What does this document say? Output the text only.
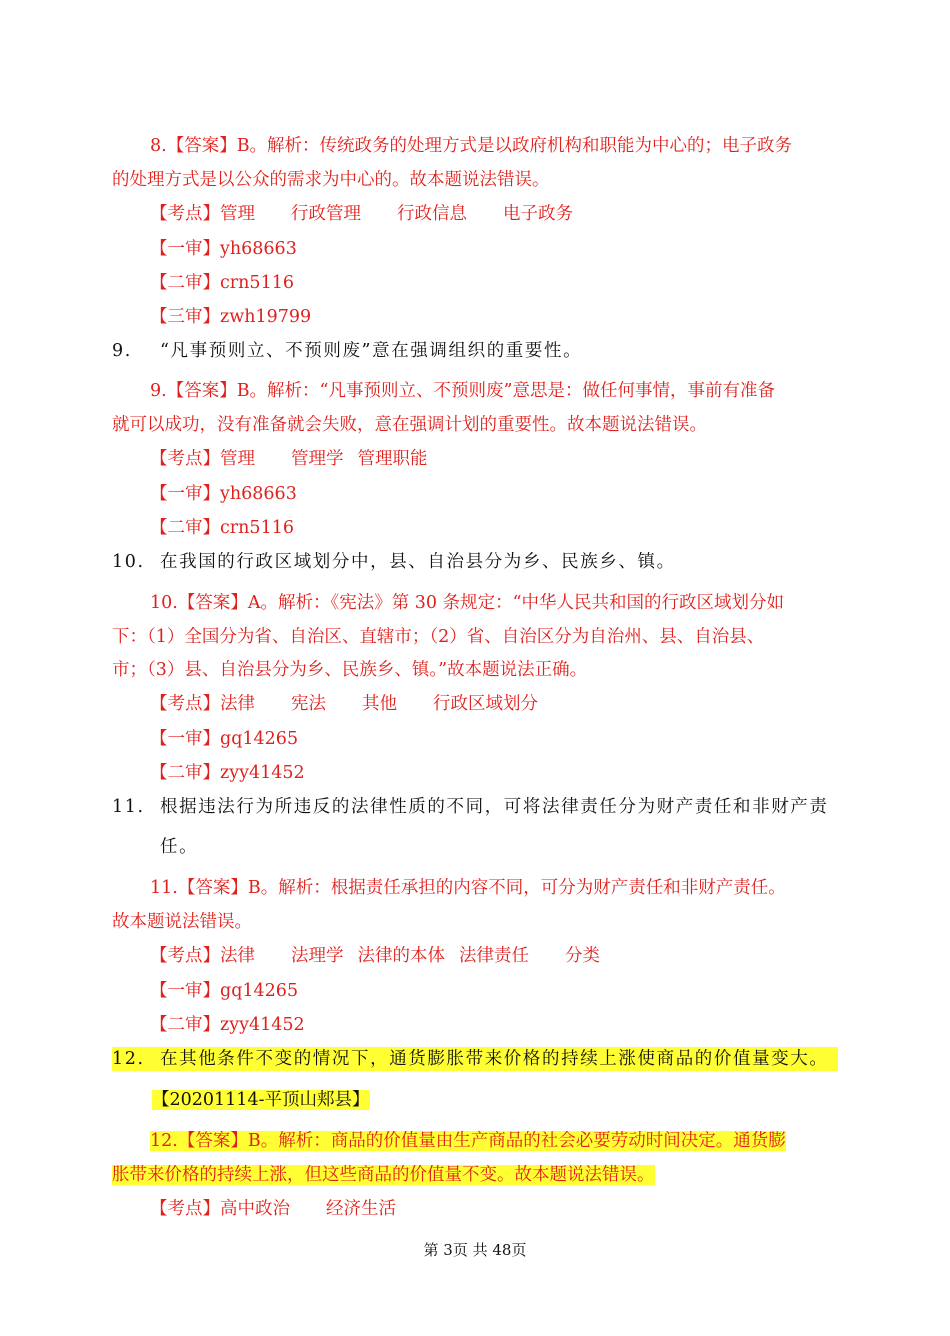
8.【答案】B。解析：传统政务的处理方式是以政府机构和职能为中心的；电子政务
的处理方式是以公众的需求为中心的。故本题说法错误。
【考点】管理 行政管理 行政信息 电子政务
【一审】yh68663
【二审】crn5116
【三审】zwh19799
9. “凡事预则立、不预则废”意在强调组织的重要性。
9.【答案】B。解析：“凡事预则立、不预则废”意思是：做任何事情，事前有准备
就可以成功，没有准备就会失败，意在强调计划的重要性。故本题说法错误。
【考点】管理 管理学 管理职能
【一审】yh68663
【二审】crn5116
10. 在我国的行政区域划分中，县、自治县分为乡、民族乡、镇。
10.【答案】A。解析：《宪法》第 30 条规定：“中华人民共和国的行政区域划分如
下：（1）全国分为省、自治区、直辖市；（2）省、自治区分为自治州、县、自治县、
市；（3）县、自治县分为乡、民族乡、镇。”故本题说法正确。
【考点】法律 宪法 其他 行政区域划分
【一审】gq14265
【二审】zyy41452
11. 根据违法行为所违反的法律性质的不同，可将法律责任分为财产责任和非财产责
任。
11.【答案】B。解析：根据责任承担的内容不同，可分为财产责任和非财产责任。
故本题说法错误。
【考点】法律 法理学 法律的本体 法律责任 分类
【一审】gq14265
【二审】zyy41452
12. 在其他条件不变的情况下，通货膨胀带来价格的持续上涨使商品的价值量变大。
【20201114-平顶山郏县】
12.【答案】B。解析：商品的价值量由生产商品的社会必要劳动时间决定。通货膨
胀带来价格的持续上涨，但这些商品的价值量不变。故本题说法错误。
【考点】高中政治 经济生活
第 3页 共 48页
